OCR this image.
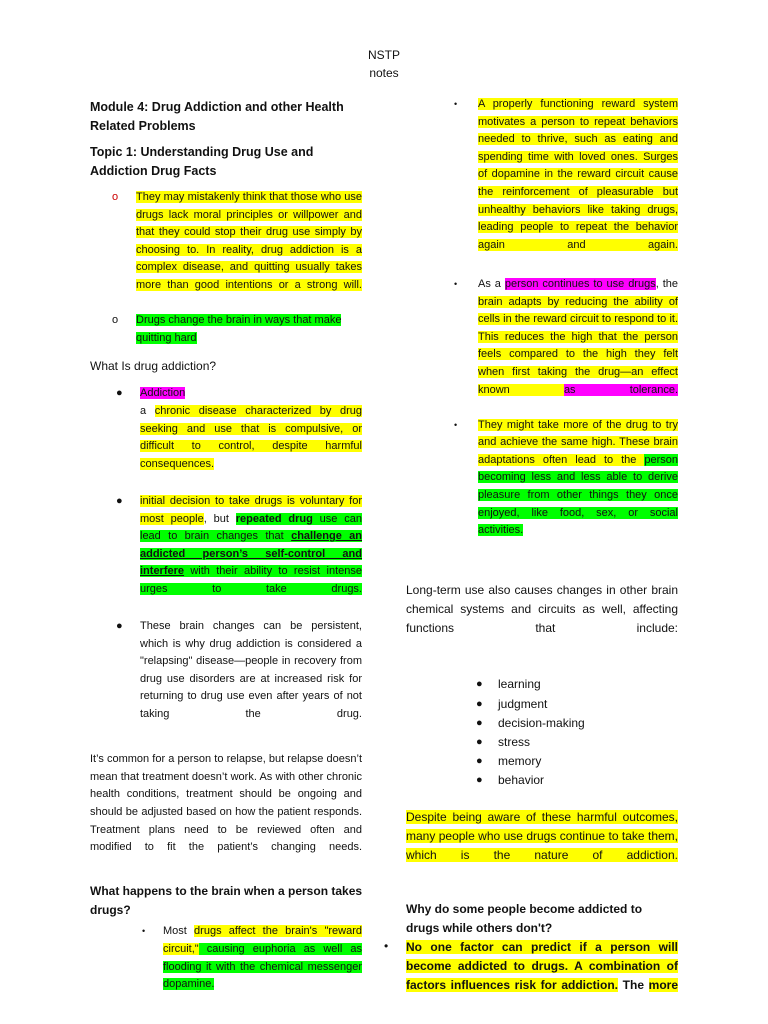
NSTP
notes
Module 4: Drug Addiction and other Health Related Problems
Topic 1: Understanding Drug Use and Addiction Drug Facts
o They may mistakenly think that those who use drugs lack moral principles or willpower and that they could stop their drug use simply by choosing to. In reality, drug addiction is a complex disease, and quitting usually takes more than good intentions or a strong will.
o Drugs change the brain in ways that make quitting hard
What Is drug addiction?
● Addiction
a chronic disease characterized by drug seeking and use that is compulsive, or difficult to control, despite harmful consequences.
● initial decision to take drugs is voluntary for most people, but repeated drug use can lead to brain changes that challenge an addicted person’s self-control and interfere with their ability to resist intense urges to take drugs.
● These brain changes can be persistent, which is why drug addiction is considered a "relapsing" disease—people in recovery from drug use disorders are at increased risk for returning to drug use even after years of not taking the drug.
It’s common for a person to relapse, but relapse doesn’t mean that treatment doesn’t work. As with other chronic health conditions, treatment should be ongoing and should be adjusted based on how the patient responds. Treatment plans need to be reviewed often and modified to fit the patient’s changing needs.
What happens to the brain when a person takes drugs?
• Most drugs affect the brain's "reward circuit," causing euphoria as well as flooding it with the chemical messenger dopamine.
• A properly functioning reward system motivates a person to repeat behaviors needed to thrive, such as eating and spending time with loved ones. Surges of dopamine in the reward circuit cause the reinforcement of pleasurable but unhealthy behaviors like taking drugs, leading people to repeat the behavior again and again.
• As a person continues to use drugs, the brain adapts by reducing the ability of cells in the reward circuit to respond to it. This reduces the high that the person feels compared to the high they felt when first taking the drug—an effect known as tolerance.
• They might take more of the drug to try and achieve the same high. These brain adaptations often lead to the person becoming less and less able to derive pleasure from other things they once enjoyed, like food, sex, or social activities.
Long-term use also causes changes in other brain chemical systems and circuits as well, affecting functions that include:
● learning
● judgment
● decision-making
● stress
● memory
● behavior
Despite being aware of these harmful outcomes, many people who use drugs continue to take them, which is the nature of addiction.
Why do some people become addicted to drugs while others don't?
• No one factor can predict if a person will become addicted to drugs. A combination of factors influences risk for addiction. The more
